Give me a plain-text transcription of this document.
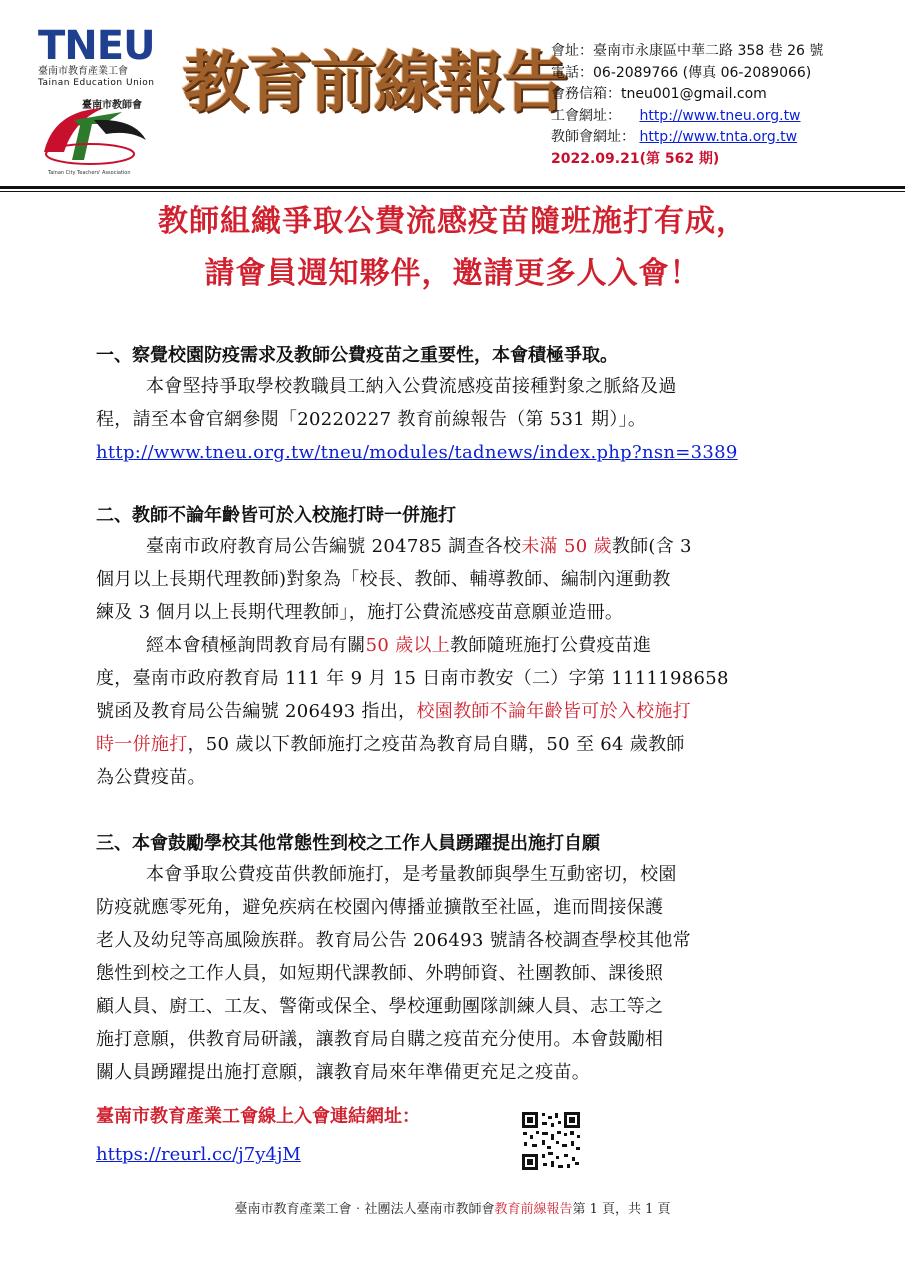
TNEU
臺南市教育產業工會
Tainan Education Union
臺南市教師會
Tainan City Teachers' Association
教育前線報告
會址：臺南市永康區中華二路 358 巷 26 號
電話：06-2089766 (傳真 06-2089066)
會務信箱：tneu001@gmail.com
工會網址： http://www.tneu.org.tw
教師會網址： http://www.tnta.org.tw
2022.09.21(第 562 期)
教師組織爭取公費流感疫苗隨班施打有成，
請會員週知夥伴，邀請更多人入會！
一、察覺校園防疫需求及教師公費疫苗之重要性，本會積極爭取。
本會堅持爭取學校教職員工納入公費流感疫苗接種對象之脈絡及過
程，請至本會官網參閱「20220227 教育前線報告（第 531 期）」。
http://www.tneu.org.tw/tneu/modules/tadnews/index.php?nsn=3389
二、教師不論年齡皆可於入校施打時一併施打
臺南市政府教育局公告編號 204785 調查各校未滿 50 歲教師(含 3
個月以上長期代理教師)對象為「校長、教師、輔導教師、編制內運動教
練及 3 個月以上長期代理教師」，施打公費流感疫苗意願並造冊。
經本會積極詢問教育局有關50 歲以上教師隨班施打公費疫苗進
度，臺南市政府教育局 111 年 9 月 15 日南市教安（二）字第 1111198658
號函及教育局公告編號 206493 指出，校園教師不論年齡皆可於入校施打
時一併施打，50 歲以下教師施打之疫苗為教育局自購，50 至 64 歲教師
為公費疫苗。
三、本會鼓勵學校其他常態性到校之工作人員踴躍提出施打自願
本會爭取公費疫苗供教師施打，是考量教師與學生互動密切，校園
防疫就應零死角，避免疾病在校園內傳播並擴散至社區，進而間接保護
老人及幼兒等高風險族群。教育局公告 206493 號請各校調查學校其他常
態性到校之工作人員，如短期代課教師、外聘師資、社團教師、課後照
顧人員、廚工、工友、警衛或保全、學校運動團隊訓練人員、志工等之
施打意願，供教育局研議，讓教育局自購之疫苗充分使用。本會鼓勵相
關人員踴躍提出施打意願，讓教育局來年準備更充足之疫苗。
臺南市教育產業工會線上入會連結網址：
https://reurl.cc/j7y4jM
臺南市教育產業工會‧社團法人臺南市教師會教育前線報告第 1 頁，共 1 頁
